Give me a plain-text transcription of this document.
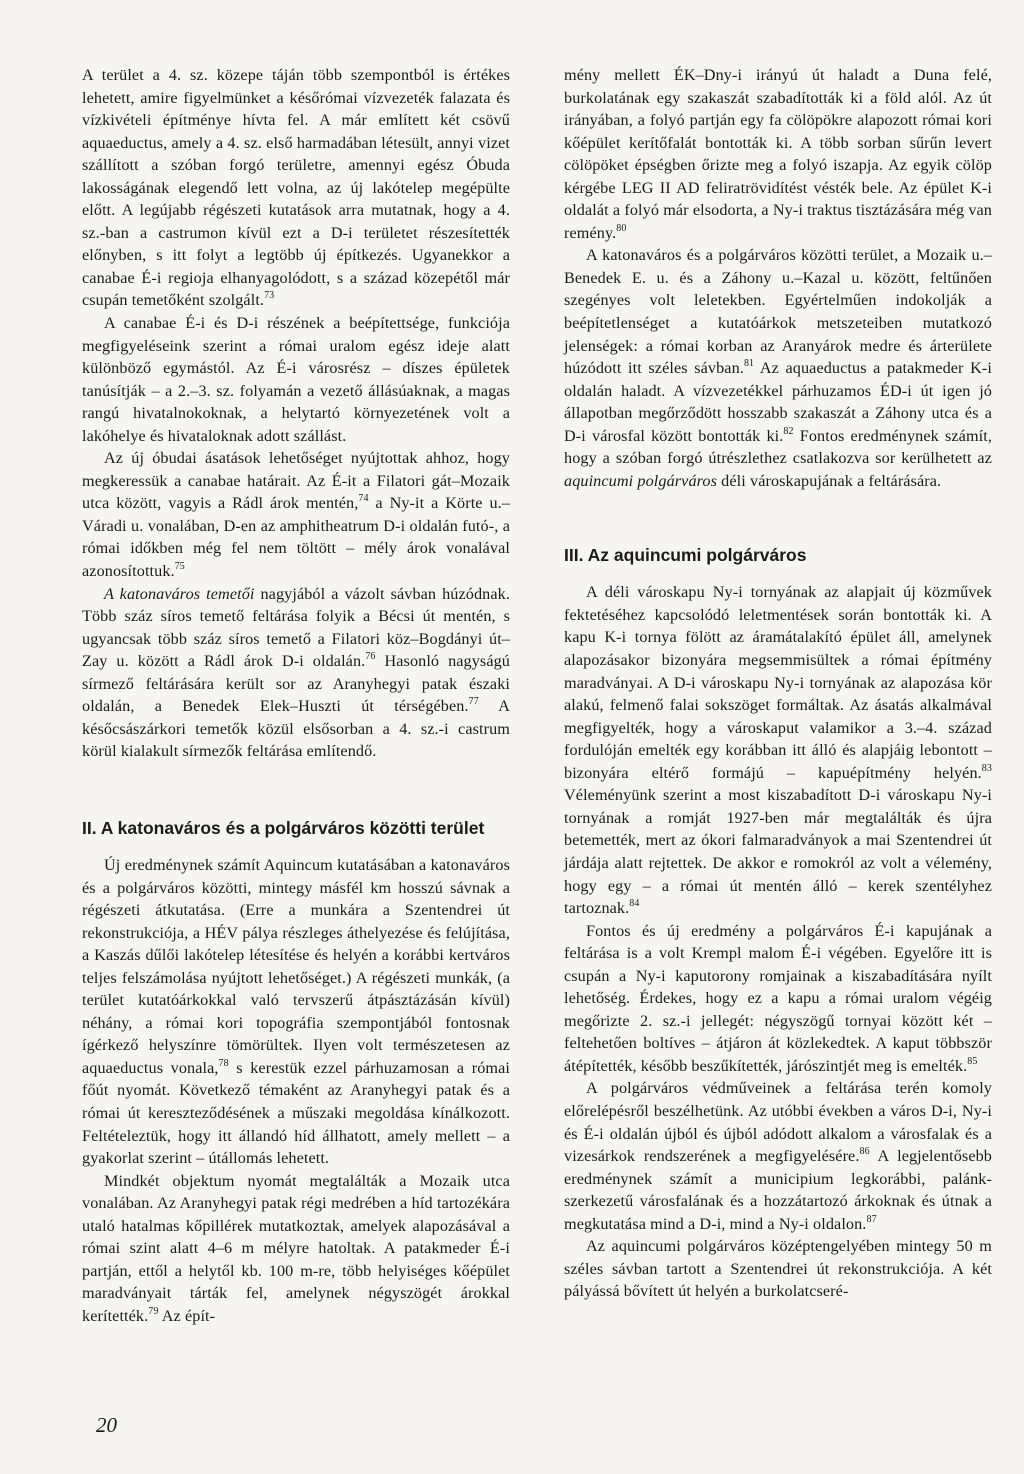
A terület a 4. sz. közepe táján több szempontból is értékes lehetett, amire figyelmünket a későrómai vízvezeték falazata és vízkivételi építménye hívta fel. A már említett két csövű aquaeductus, amely a 4. sz. első harmadában létesült, annyi vizet szállított a szóban forgó területre, amennyi egész Óbuda lakosságának elegendő lett volna, az új lakótelep megépülte előtt. A legújabb régészeti kutatások arra mutatnak, hogy a 4. sz.-ban a castrumon kívül ezt a D-i területet részesítették előnyben, s itt folyt a legtöbb új építkezés. Ugyanekkor a canabae É-i regioja elhanyagolódott, s a század közepétől már csupán temetőként szolgált.$^{73}$

A canabae É-i és D-i részének a beépítettsége, funkciója megfigyeléseink szerint a római uralom egész ideje alatt különböző egymástól. Az É-i városrész – díszes épületek tanúsítják – a 2.–3. sz. folyamán a vezető állásúaknak, a magas rangú hivatalnokoknak, a helytartó környezetének volt a lakóhelye és hivataloknak adott szállást.

Az új óbudai ásatások lehetőséget nyújtottak ahhoz, hogy megkeressük a canabae határait. Az É-it a Filatori gát–Mozaik utca között, vagyis a Rádl árok mentén,$^{74}$ a Ny-it a Körte u.–Váradi u. vonalában, D-en az amphitheatrum D-i oldalán futó-, a római időkben még fel nem töltött – mély árok vonalával azonosítottuk.$^{75}$

A katonaváros temetői nagyjából a vázolt sávban húzódnak. Több száz síros temető feltárása folyik a Bécsi út mentén, s ugyancsak több száz síros temető a Filatori köz–Bogdányi út–Zay u. között a Rádl árok D-i oldalán.$^{76}$ Hasonló nagyságú sírmező feltárására került sor az Aranyhegyi patak északi oldalán, a Benedek Elek–Huszti út térségében.$^{77}$ A későcsászárkori temetők közül elsősorban a 4. sz.-i castrum körül kialakult sírmezők feltárása említendő.

II. A katonaváros és a polgárváros közötti terület

Új eredménynek számít Aquincum kutatásában a katonaváros és a polgárváros közötti, mintegy másfél km hosszú sávnak a régészeti átkutatása. (Erre a munkára a Szentendrei út rekonstrukciója, a HÉV pálya részleges áthelyezése és felújítása, a Kaszás dűlői lakótelep létesítése és helyén a korábbi kertváros teljes felszámolása nyújtott lehetőséget.) A régészeti munkák, (a terület kutatóárkokkal való tervszerű átpásztázásán kívül) néhány, a római kori topográfia szempontjából fontosnak ígérkező helyszínre tömörültek. Ilyen volt természetesen az aquaeductus vonala,$^{78}$ s kerestük ezzel párhuzamosan a római főút nyomát. Következő témaként az Aranyhegyi patak és a római út kereszteződésének a műszaki megoldása kínálkozott. Feltételeztük, hogy itt állandó híd állhatott, amely mellett – a gyakorlat szerint – útállomás lehetett.

Mindkét objektum nyomát megtalálták a Mozaik utca vonalában. Az Aranyhegyi patak régi medrében a híd tartozékára utaló hatalmas kőpillérek mutatkoztak, amelyek alapozásával a római szint alatt 4–6 m mélyre hatoltak. A patakmeder É-i partján, ettől a helytől kb. 100 m-re, több helyiséges kőépület maradványait tárták fel, amelynek négyszögét árokkal kerítették.$^{79}$ Az épít-

mény mellett ÉK–Dny-i irányú út haladt a Duna felé, burkolatának egy szakaszát szabadították ki a föld alól. Az út irányában, a folyó partján egy fa cölöpökre alapozott római kori kőépület kerítőfalát bontották ki. A több sorban sűrűn levert cölöpöket épségben őrizte meg a folyó iszapja. Az egyik cölöp kérgébe LEG II AD feliratrövidítést vésték bele. Az épület K-i oldalát a folyó már elsodorta, a Ny-i traktus tisztázására még van remény.$^{80}$

A katonaváros és a polgárváros közötti terület, a Mozaik u.–Benedek E. u. és a Záhony u.–Kazal u. között, feltűnően szegényes volt leletekben. Egyértelműen indokolják a beépítetlenséget a kutatóárkok metszeteiben mutatkozó jelenségek: a római korban az Aranyárok medre és árterülete húzódott itt széles sávban.$^{81}$ Az aquaeductus a patakmeder K-i oldalán haladt. A vízvezetékkel párhuzamos ÉD-i út igen jó állapotban megőrződött hosszabb szakaszát a Záhony utca és a D-i városfal között bontották ki.$^{82}$ Fontos eredménynek számít, hogy a szóban forgó útrészlethez csatlakozva sor kerülhetett az aquincumi polgárváros déli városkapujának a feltárására.

III. Az aquincumi polgárváros

A déli városkapu Ny-i tornyának az alapjait új közművek fektetéséhez kapcsolódó leletmentések során bontották ki. A kapu K-i tornya fölött az áramátalakító épület áll, amelynek alapozásakor bizonyára megsemmisültek a római építmény maradványai. A D-i városkapu Ny-i tornyának az alapozása kör alakú, felmenő falai sokszöget formáltak. Az ásatás alkalmával megfigyelték, hogy a városkaput valamikor a 3.–4. század fordulóján emelték egy korábban itt álló és alapjáig lebontott –bizonyára eltérő formájú – kapuépítmény helyén.$^{83}$ Véleményünk szerint a most kiszabadított D-i városkapu Ny-i tornyának a romját 1927-ben már megtalálták és újra betemették, mert az ókori falmaradványok a mai Szentendrei út járdája alatt rejtettek. De akkor e romokról az volt a vélemény, hogy egy – a római út mentén álló – kerek szentélyhez tartoznak.$^{84}$

Fontos és új eredmény a polgárváros É-i kapujának a feltárása is a volt Krempl malom É-i végében. Egyelőre itt is csupán a Ny-i kaputorony romjainak a kiszabadítására nyílt lehetőség. Érdekes, hogy ez a kapu a római uralom végéig megőrizte 2. sz.-i jellegét: négyszögű tornyai között két – feltehetően boltíves – átjáron át közlekedtek. A kaput többször átépítették, később beszűkítették, járószintjét meg is emelték.$^{85}$

A polgárváros védműveinek a feltárása terén komoly előrelépésről beszélhetünk. Az utóbbi években a város D-i, Ny-i és É-i oldalán újból és újból adódott alkalom a városfalak és a vizesárkok rendszerének a megfigyelésére.$^{86}$ A legjelentősebb eredménynek számít a municipium legkorábbi, palánk-szerkezetű városfalának és a hozzátartozó árkoknak és útnak a megkutatása mind a D-i, mind a Ny-i oldalon.$^{87}$

Az aquincumi polgárváros középtengelyében mintegy 50 m széles sávban tartott a Szentendrei út rekonstrukciója. A két pályássá bővített út helyén a burkolatcseré-

20
